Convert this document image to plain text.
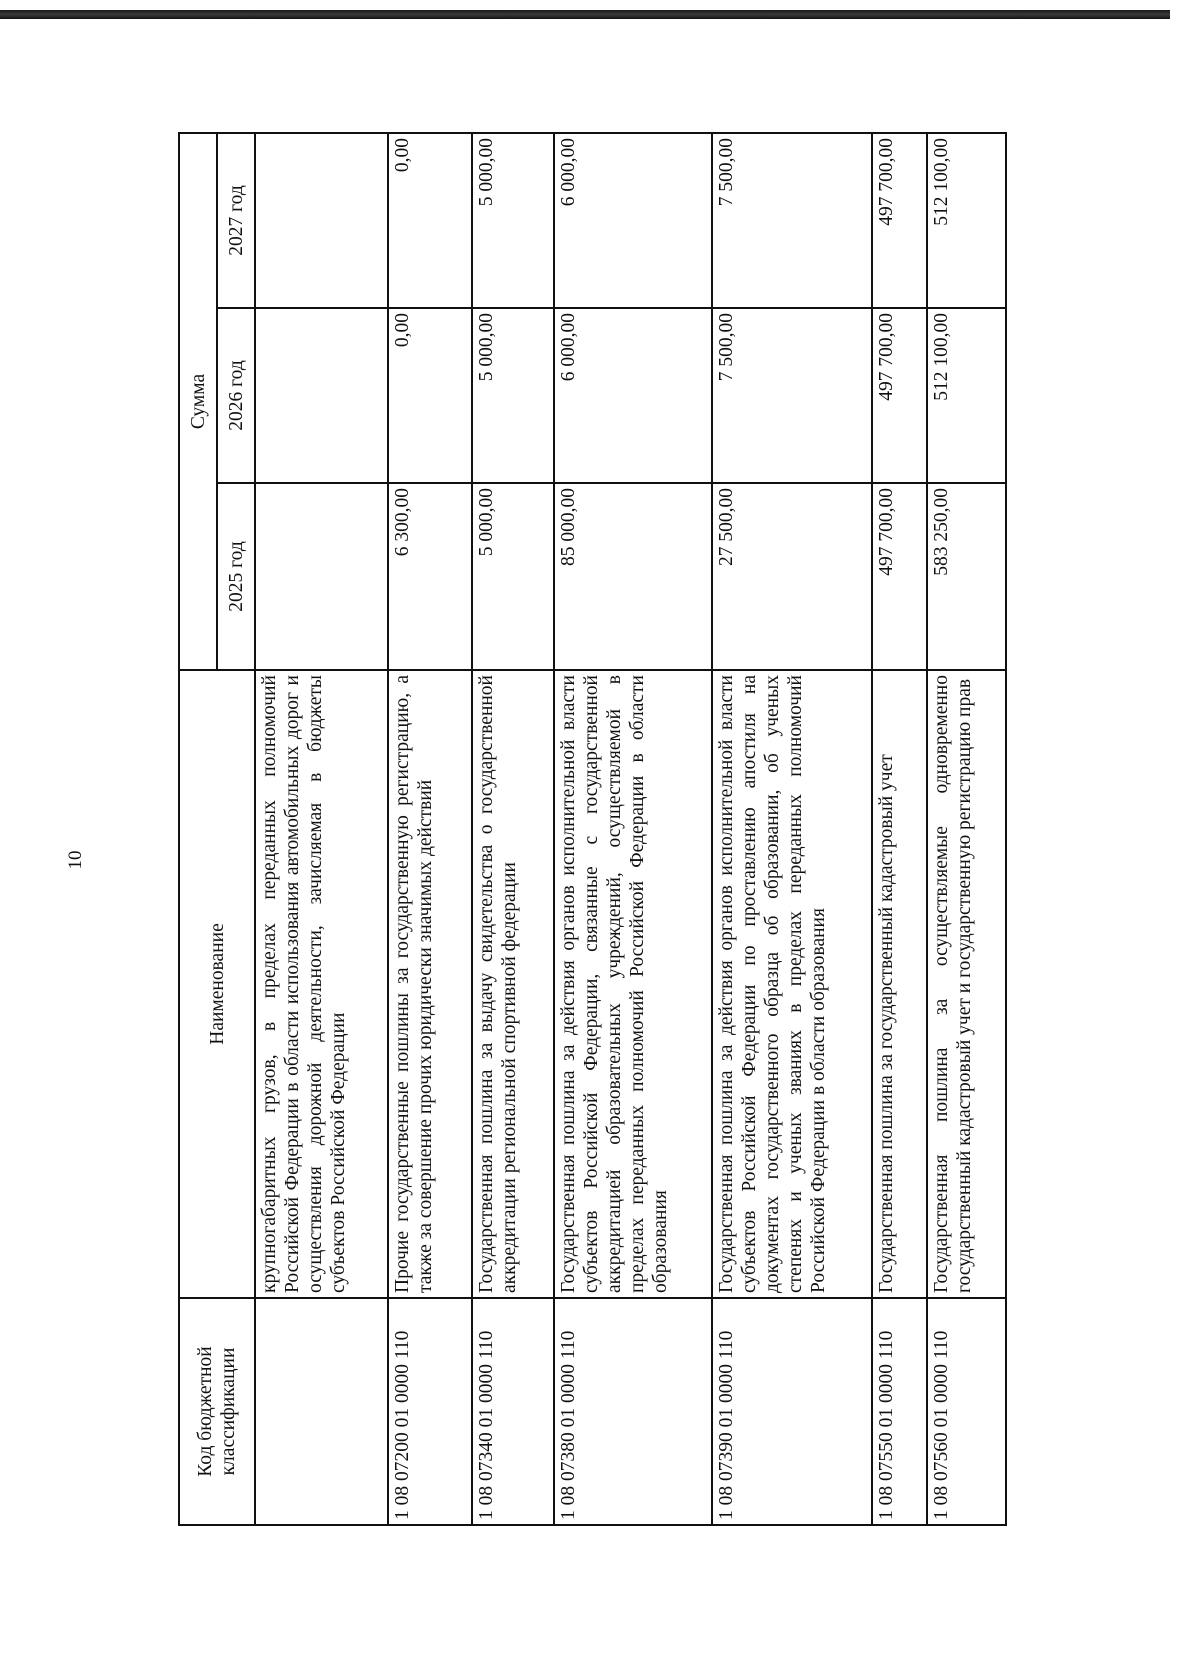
10
Код бюджетной классификации	Наименование	Сумма		
		2025 год	2026 год	2027 год
	крупногабаритных грузов, в пределах переданных полномочий Российской Федерации в области использования автомобильных дорог и осуществления дорожной деятельности, зачисляемая в бюджеты субъектов Российской Федерации			
1 08 07200 01 0000 110	Прочие государственные пошлины за государственную регистрацию, а также за совершение прочих юридически значимых действий	6 300,00	0,00	0,00
1 08 07340 01 0000 110	Государственная пошлина за выдачу свидетельства о государственной аккредитации региональной спортивной федерации	5 000,00	5 000,00	5 000,00
1 08 07380 01 0000 110	Государственная пошлина за действия органов исполнительной власти субъектов Российской Федерации, связанные с государственной аккредитацией образовательных учреждений, осуществляемой в пределах переданных полномочий Российской Федерации в области образования	85 000,00	6 000,00	6 000,00
1 08 07390 01 0000 110	Государственная пошлина за действия органов исполнительной власти субъектов Российской Федерации по проставлению апостиля на документах государственного образца об образовании, об ученых степенях и ученых званиях в пределах переданных полномочий Российской Федерации в области образования	27 500,00	7 500,00	7 500,00
1 08 07550 01 0000 110	Государственная пошлина за государственный кадастровый учет	497 700,00	497 700,00	497 700,00
1 08 07560 01 0000 110	Государственная пошлина за осуществляемые одновременно государственный кадастровый учет и государственную регистрацию прав	583 250,00	512 100,00	512 100,00
